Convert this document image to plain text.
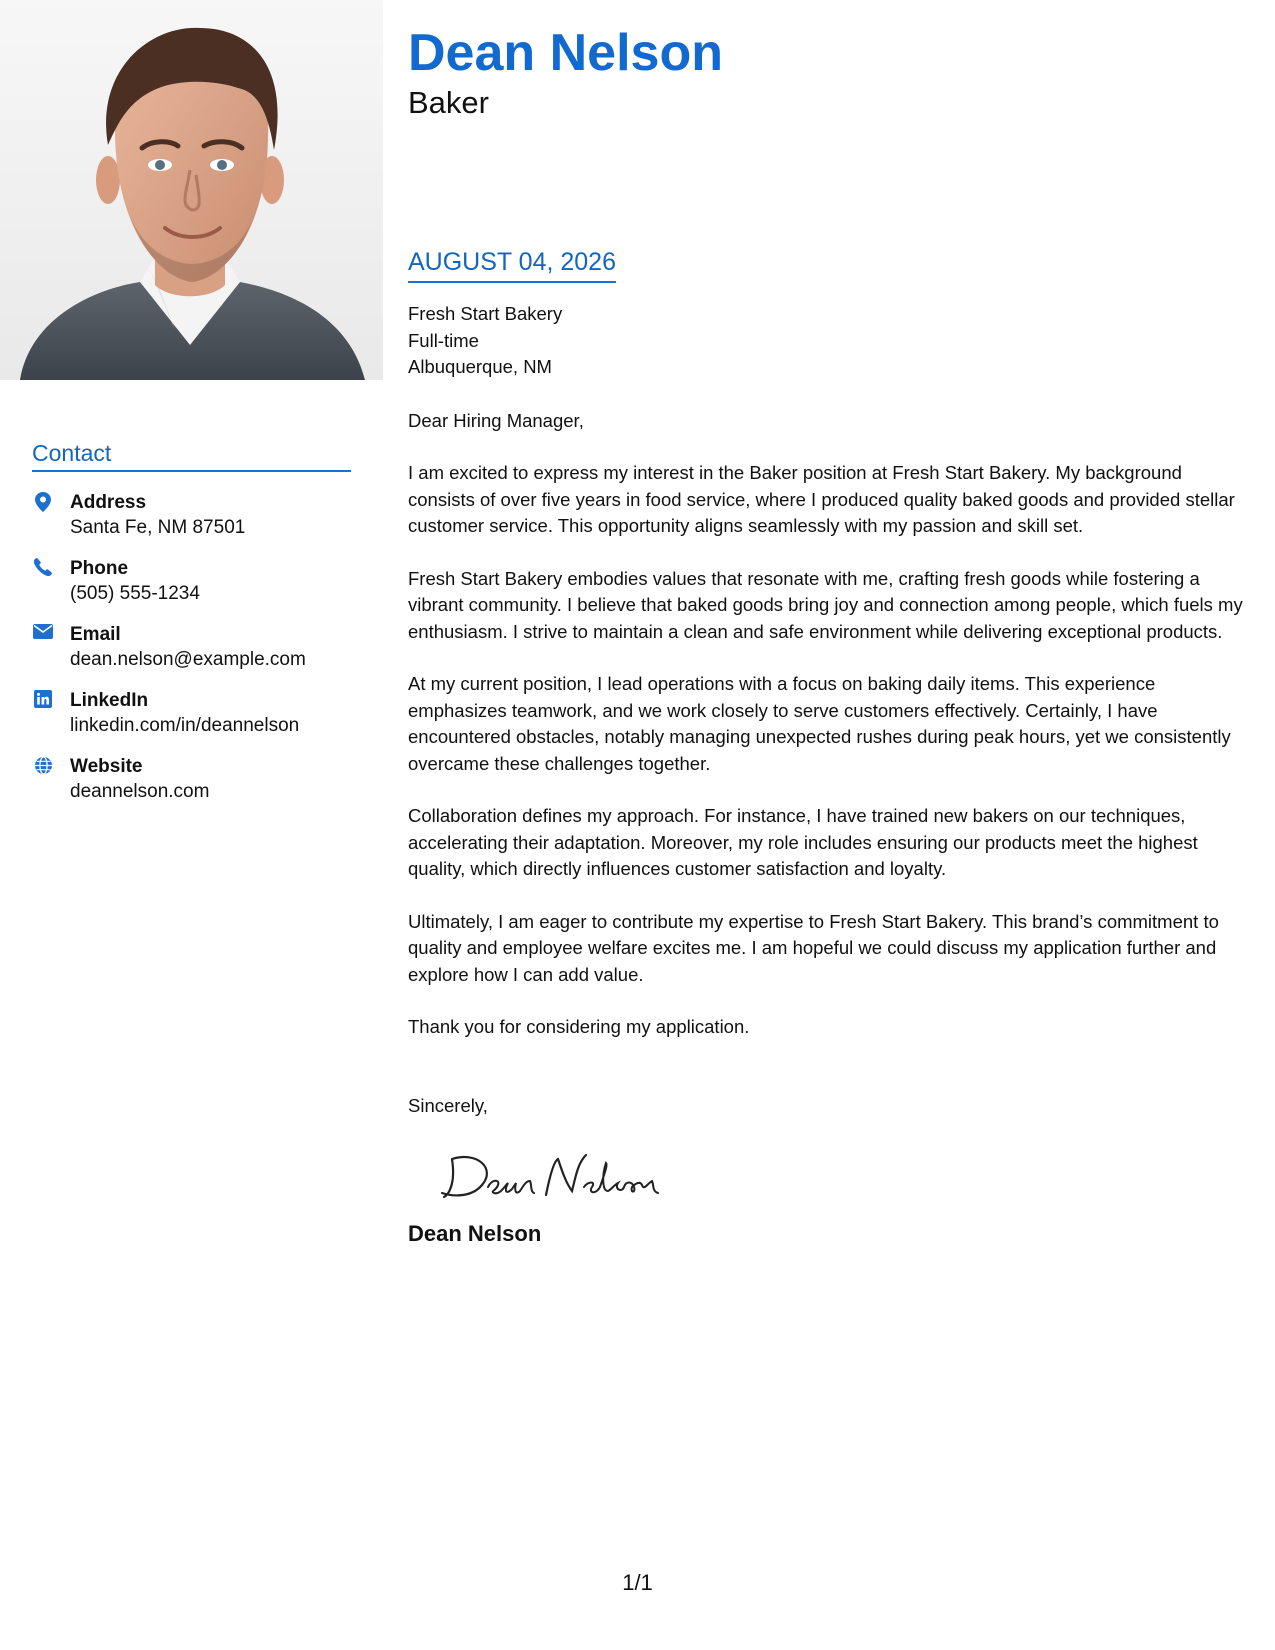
Contact
Address
Santa Fe, NM 87501
Phone
(505) 555-1234
Email
dean.nelson@example.com
LinkedIn
linkedin.com/in/deannelson
Website
deannelson.com
Dean Nelson
Baker
AUGUST 04, 2026
Fresh Start Bakery
Full-time
Albuquerque, NM

Dear Hiring Manager,

I am excited to express my interest in the Baker position at Fresh Start Bakery. My background consists of over five years in food service, where I produced quality baked goods and provided stellar customer service. This opportunity aligns seamlessly with my passion and skill set.

Fresh Start Bakery embodies values that resonate with me, crafting fresh goods while fostering a vibrant community. I believe that baked goods bring joy and connection among people, which fuels my enthusiasm. I strive to maintain a clean and safe environment while delivering exceptional products.

At my current position, I lead operations with a focus on baking daily items. This experience emphasizes teamwork, and we work closely to serve customers effectively. Certainly, I have encountered obstacles, notably managing unexpected rushes during peak hours, yet we consistently overcame these challenges together.

Collaboration defines my approach. For instance, I have trained new bakers on our techniques, accelerating their adaptation. Moreover, my role includes ensuring our products meet the highest quality, which directly influences customer satisfaction and loyalty.

Ultimately, I am eager to contribute my expertise to Fresh Start Bakery. This brand’s commitment to quality and employee welfare excites me. I am hopeful we could discuss my application further and explore how I can add value.

Thank you for considering my application.

Sincerely,

Dean Nelson
1/1
